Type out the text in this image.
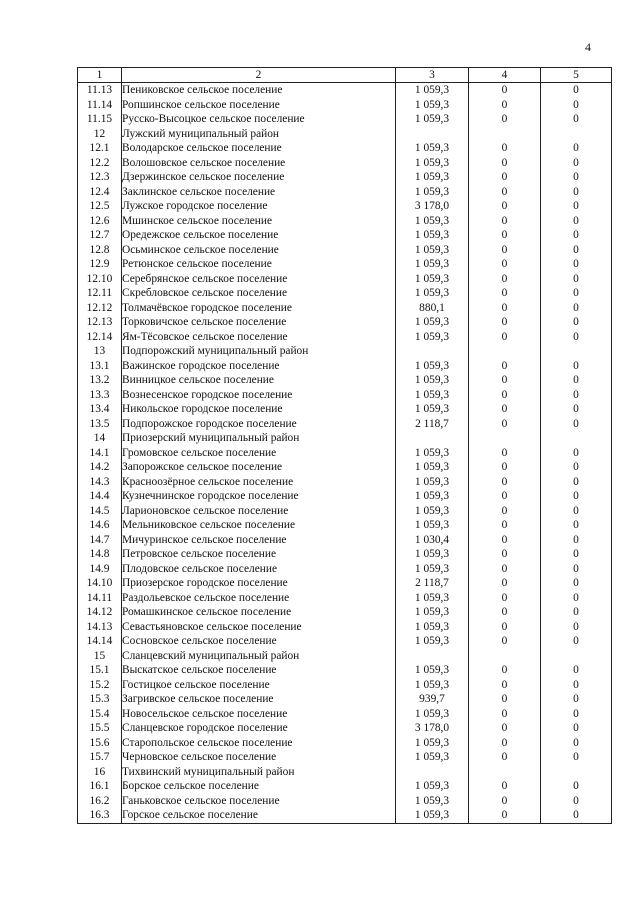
4
1	2	3	4	5
11.13	Пениковское сельское поселение	1 059,3	0	0
11.14	Ропшинское сельское поселение	1 059,3	0	0
11.15	Русско-Высоцкое сельское поселение	1 059,3	0	0
12	Лужский муниципальный район			
12.1	Володарское сельское поселение	1 059,3	0	0
12.2	Волошовское сельское поселение	1 059,3	0	0
12.3	Дзержинское сельское поселение	1 059,3	0	0
12.4	Заклинское сельское поселение	1 059,3	0	0
12.5	Лужское городское поселение	3 178,0	0	0
12.6	Мшинское сельское поселение	1 059,3	0	0
12.7	Оредежское сельское поселение	1 059,3	0	0
12.8	Осьминское сельское поселение	1 059,3	0	0
12.9	Ретюнское сельское поселение	1 059,3	0	0
12.10	Серебрянское сельское поселение	1 059,3	0	0
12.11	Скребловское сельское поселение	1 059,3	0	0
12.12	Толмачёвское городское поселение	880,1	0	0
12.13	Торковичское сельское поселение	1 059,3	0	0
12.14	Ям-Тёсовское сельское поселение	1 059,3	0	0
13	Подпорожский муниципальный район			
13.1	Важинское городское поселение	1 059,3	0	0
13.2	Винницкое сельское поселение	1 059,3	0	0
13.3	Вознесенское городское поселение	1 059,3	0	0
13.4	Никольское городское поселение	1 059,3	0	0
13.5	Подпорожское городское поселение	2 118,7	0	0
14	Приозерский муниципальный район			
14.1	Громовское сельское поселение	1 059,3	0	0
14.2	Запорожское сельское поселение	1 059,3	0	0
14.3	Красноозёрное сельское поселение	1 059,3	0	0
14.4	Кузнечнинское городское поселение	1 059,3	0	0
14.5	Ларионовское сельское поселение	1 059,3	0	0
14.6	Мельниковское сельское поселение	1 059,3	0	0
14.7	Мичуринское сельское поселение	1 030,4	0	0
14.8	Петровское сельское поселение	1 059,3	0	0
14.9	Плодовское сельское поселение	1 059,3	0	0
14.10	Приозерское городское поселение	2 118,7	0	0
14.11	Раздольевское сельское поселение	1 059,3	0	0
14.12	Ромашкинское сельское поселение	1 059,3	0	0
14.13	Севастьяновское сельское поселение	1 059,3	0	0
14.14	Сосновское сельское поселение	1 059,3	0	0
15	Сланцевский муниципальный район			
15.1	Выскатское сельское поселение	1 059,3	0	0
15.2	Гостицкое сельское поселение	1 059,3	0	0
15.3	Загривское сельское поселение	939,7	0	0
15.4	Новосельское сельское поселение	1 059,3	0	0
15.5	Сланцевское городское поселение	3 178,0	0	0
15.6	Старопольское сельское поселение	1 059,3	0	0
15.7	Черновское сельское поселение	1 059,3	0	0
16	Тихвинский муниципальный район			
16.1	Борское сельское поселение	1 059,3	0	0
16.2	Ганьковское сельское поселение	1 059,3	0	0
16.3	Горское сельское поселение	1 059,3	0	0
